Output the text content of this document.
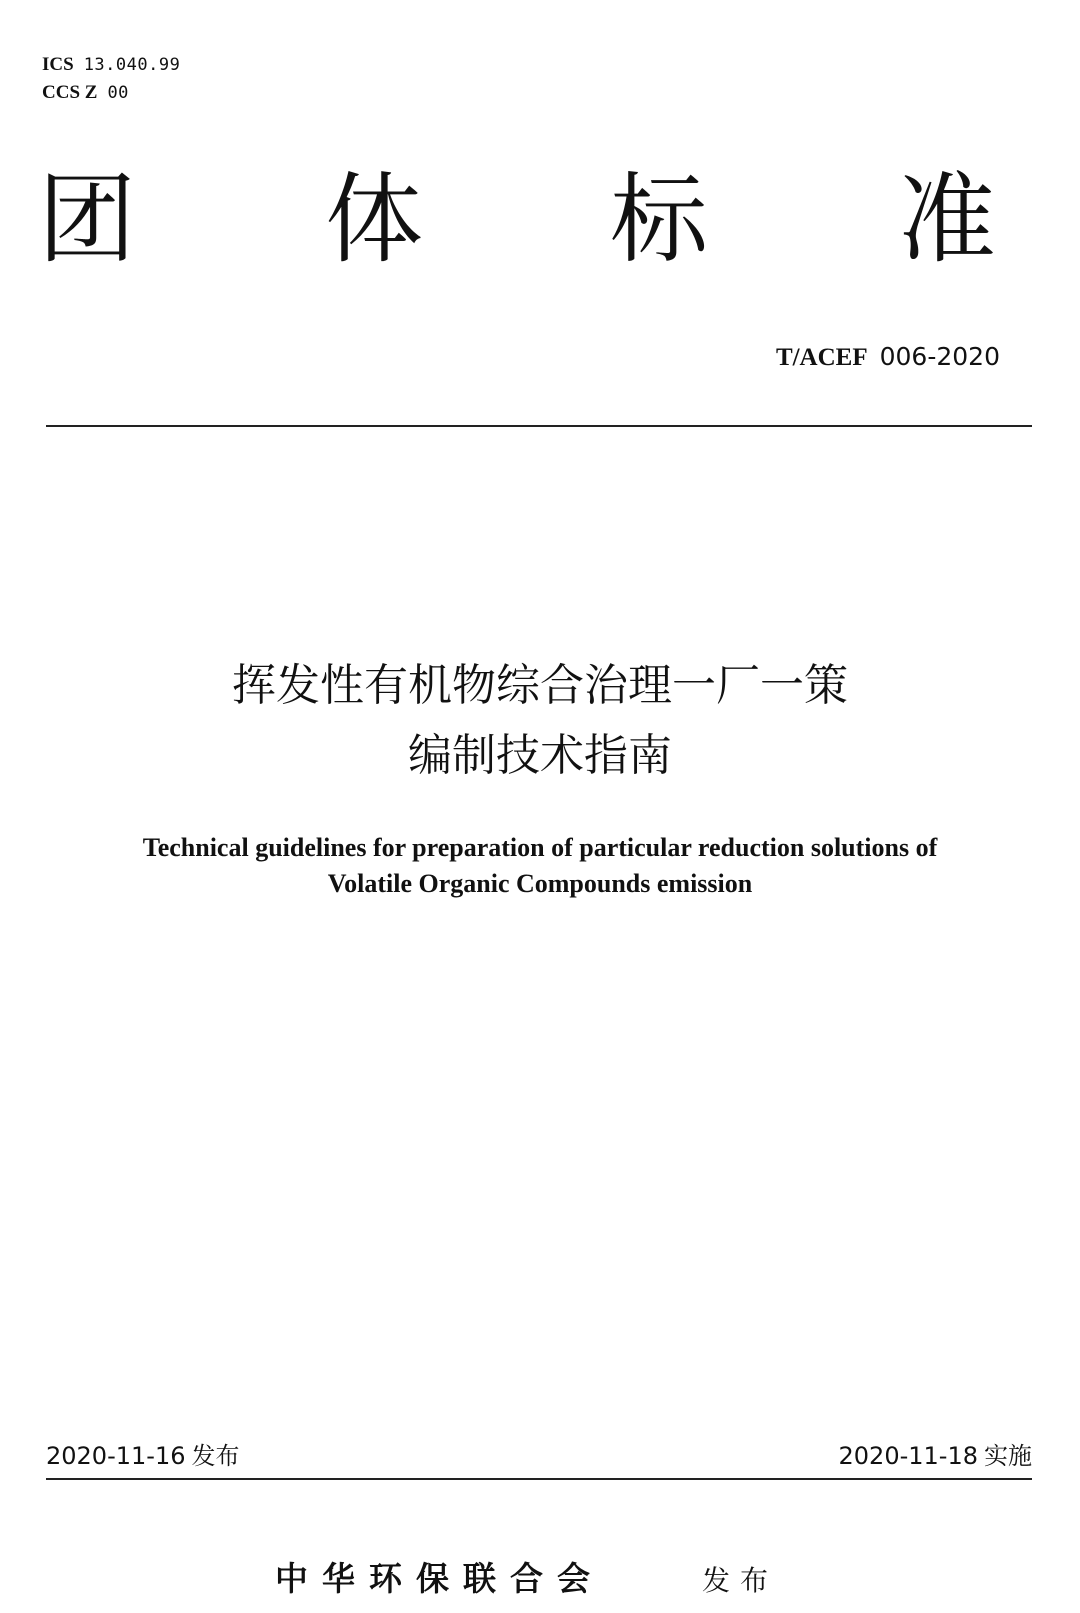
ICS 13.040.99
CCS Z 00
团 体 标 准
T/ACEF 006-2020
挥发性有机物综合治理一厂一策
编制技术指南
Technical guidelines for preparation of particular reduction solutions of
Volatile Organic Compounds emission
2020-11-16 发布	2020-11-18 实施
中华环保联合会	发布
